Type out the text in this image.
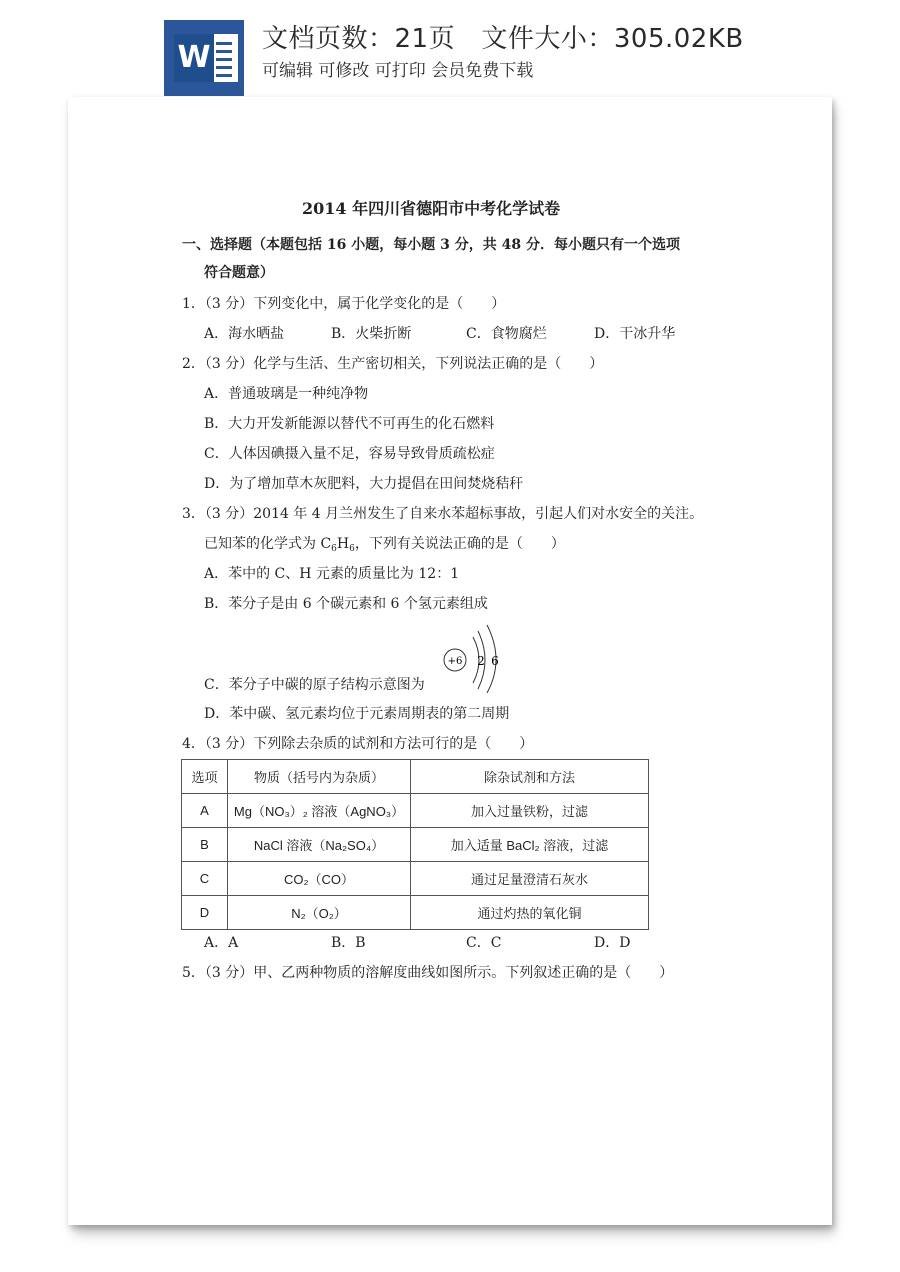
W
文档页数：21页   文件大小：305.02KB
可编辑 可修改 可打印 会员免费下载
2014 年四川省德阳市中考化学试卷
一、选择题（本题包括 16 小题，每小题 3 分，共 48 分．每小题只有一个选项
符合题意）
1．（3 分）下列变化中，属于化学变化的是（　　）
A．海水晒盐	B．火柴折断	C．食物腐烂	D．干冰升华
2．（3 分）化学与生活、生产密切相关，下列说法正确的是（　　）
A．普通玻璃是一种纯净物
B．大力开发新能源以替代不可再生的化石燃料
C．人体因碘摄入量不足，容易导致骨质疏松症
D．为了增加草木灰肥料，大力提倡在田间焚烧秸秆
3．（3 分）2014 年 4 月兰州发生了自来水苯超标事故，引起人们对水安全的关注。
已知苯的化学式为 $C_6H_6$，下列有关说法正确的是（　　）
A．苯中的 C、H 元素的质量比为 12：1
B．苯分子是由 6 个碳元素和 6 个氢元素组成
+6 2 6
C．苯分子中碳的原子结构示意图为
D．苯中碳、氢元素均位于元素周期表的第二周期
4．（3 分）下列除去杂质的试剂和方法可行的是（　　）
选项	物质（括号内为杂质）	除杂试剂和方法
A	Mg（NO₃）₂ 溶液（AgNO₃）	加入过量铁粉，过滤
B	NaCl 溶液（Na₂SO₄）	加入适量 BaCl₂ 溶液，过滤
C	CO₂（CO）	通过足量澄清石灰水
D	N₂（O₂）	通过灼热的氧化铜
A．A	B．B	C．C	D．D
5．（3 分）甲、乙两种物质的溶解度曲线如图所示。下列叙述正确的是（　　）
